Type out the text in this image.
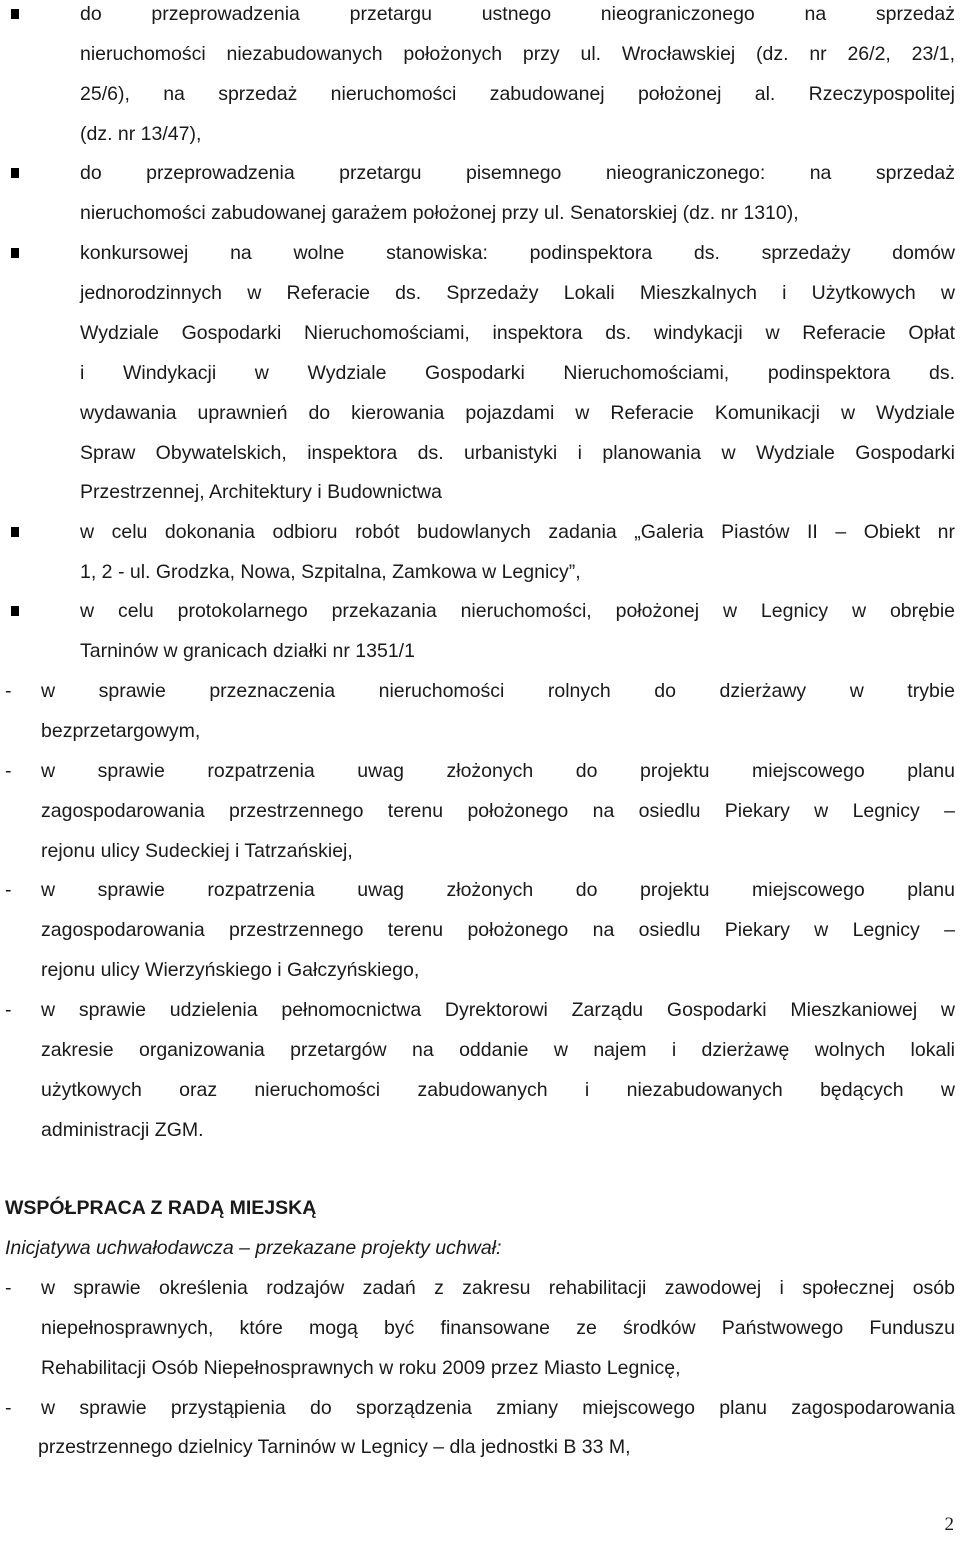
do przeprowadzenia przetargu ustnego nieograniczonego na sprzedaż
nieruchomości niezabudowanych położonych przy ul. Wrocławskiej (dz. nr 26/2, 23/1,
25/6), na sprzedaż nieruchomości zabudowanej położonej al. Rzeczypospolitej
(dz. nr 13/47),
do przeprowadzenia przetargu pisemnego nieograniczonego: na sprzedaż
nieruchomości zabudowanej garażem położonej przy ul. Senatorskiej (dz. nr 1310),
konkursowej na wolne stanowiska: podinspektora ds. sprzedaży domów
jednorodzinnych w Referacie ds. Sprzedaży Lokali Mieszkalnych i Użytkowych w
Wydziale Gospodarki Nieruchomościami, inspektora ds. windykacji w Referacie Opłat
i Windykacji w Wydziale Gospodarki Nieruchomościami, podinspektora ds.
wydawania uprawnień do kierowania pojazdami w Referacie Komunikacji w Wydziale
Spraw Obywatelskich, inspektora ds. urbanistyki i planowania w Wydziale Gospodarki
Przestrzennej, Architektury i Budownictwa
w celu dokonania odbioru robót budowlanych zadania „Galeria Piastów II – Obiekt nr
1, 2 - ul. Grodzka, Nowa, Szpitalna, Zamkowa w Legnicy”,
w celu protokolarnego przekazania nieruchomości, położonej w Legnicy w obrębie
Tarninów w granicach działki nr 1351/1
- w sprawie przeznaczenia nieruchomości rolnych do dzierżawy w trybie
bezprzetargowym,
- w sprawie rozpatrzenia uwag złożonych do projektu miejscowego planu
zagospodarowania przestrzennego terenu położonego na osiedlu Piekary w Legnicy –
rejonu ulicy Sudeckiej i Tatrzańskiej,
- w sprawie rozpatrzenia uwag złożonych do projektu miejscowego planu
zagospodarowania przestrzennego terenu położonego na osiedlu Piekary w Legnicy –
rejonu ulicy Wierzyńskiego i Gałczyńskiego,
- w sprawie udzielenia pełnomocnictwa Dyrektorowi Zarządu Gospodarki Mieszkaniowej w
zakresie organizowania przetargów na oddanie w najem i dzierżawę wolnych lokali
użytkowych oraz nieruchomości zabudowanych i niezabudowanych będących w
administracji ZGM.
WSPÓŁPRACA Z RADĄ MIEJSKĄ
Inicjatywa uchwałodawcza – przekazane projekty uchwał:
- w sprawie określenia rodzajów zadań z zakresu rehabilitacji zawodowej i społecznej osób
niepełnosprawnych, które mogą być finansowane ze środków Państwowego Funduszu
Rehabilitacji Osób Niepełnosprawnych w roku 2009 przez Miasto Legnicę,
- w sprawie przystąpienia do sporządzenia zmiany miejscowego planu zagospodarowania
przestrzennego dzielnicy Tarninów w Legnicy – dla jednostki B 33 M,
2
